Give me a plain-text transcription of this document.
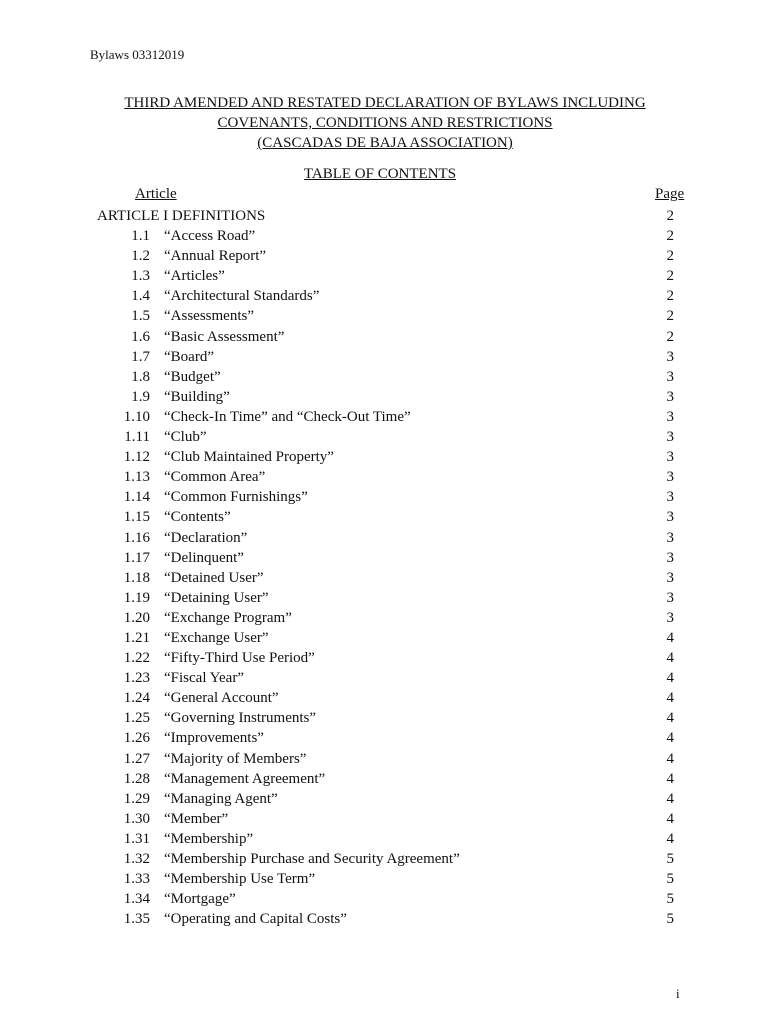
Bylaws 03312019
THIRD AMENDED AND RESTATED DECLARATION OF BYLAWS INCLUDING
COVENANTS, CONDITIONS AND RESTRICTIONS
(CASCADAS DE BAJA ASSOCIATION)
TABLE OF CONTENTS
Article	Page
ARTICLE I DEFINITIONS	2
1.1 “Access Road”	2
1.2 “Annual Report”	2
1.3 “Articles”	2
1.4 “Architectural Standards”	2
1.5 “Assessments”	2
1.6 “Basic Assessment”	2
1.7 “Board”	3
1.8 “Budget”	3
1.9 “Building”	3
1.10 “Check-In Time” and “Check-Out Time”	3
1.11 “Club”	3
1.12 “Club Maintained Property”	3
1.13 “Common Area”	3
1.14 “Common Furnishings”	3
1.15 “Contents”	3
1.16 “Declaration”	3
1.17 “Delinquent”	3
1.18 “Detained User”	3
1.19 “Detaining User”	3
1.20 “Exchange Program”	3
1.21 “Exchange User”	4
1.22 “Fifty-Third Use Period”	4
1.23 “Fiscal Year”	4
1.24 “General Account”	4
1.25 “Governing Instruments”	4
1.26 “Improvements”	4
1.27 “Majority of Members”	4
1.28 “Management Agreement”	4
1.29 “Managing Agent”	4
1.30 “Member”	4
1.31 “Membership”	4
1.32 “Membership Purchase and Security Agreement”	5
1.33 “Membership Use Term”	5
1.34 “Mortgage”	5
1.35 “Operating and Capital Costs”	5
i
